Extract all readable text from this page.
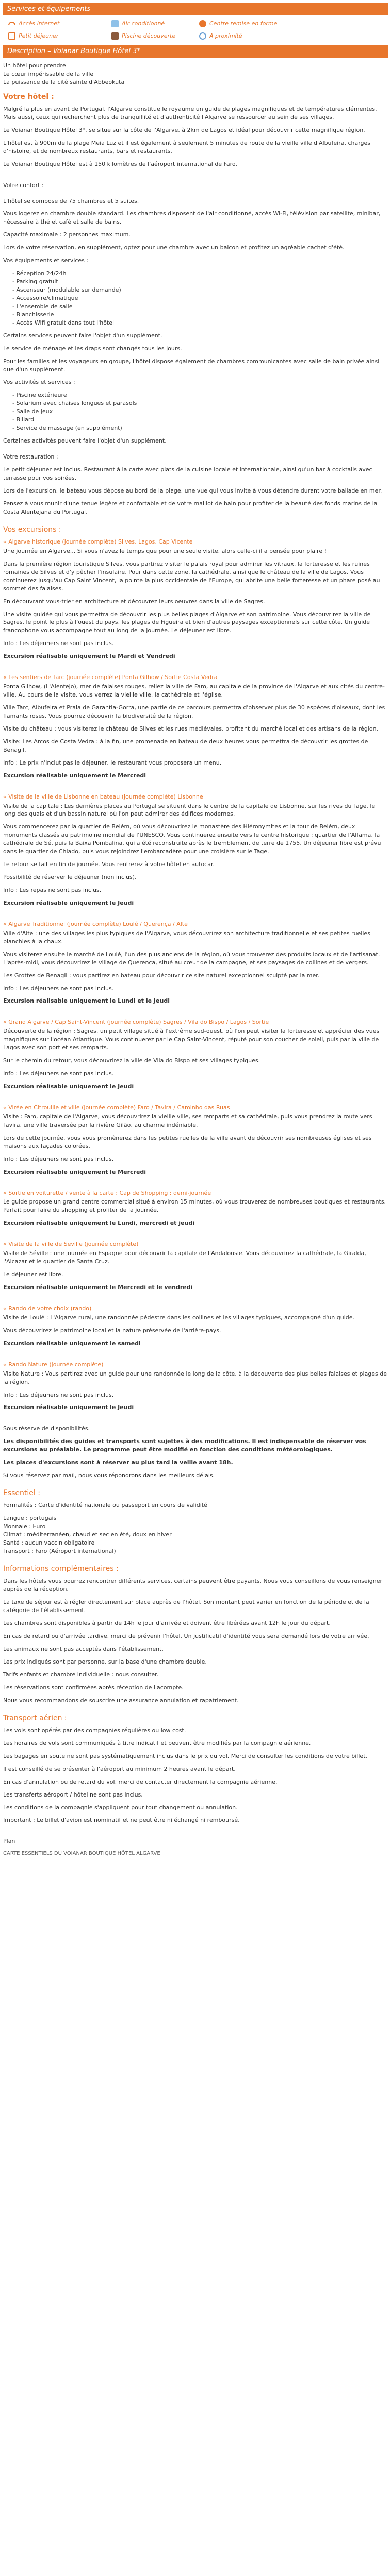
Services et équipements
Accès internet	Air conditionné	Centre remise en forme
Petit déjeuner	Piscine découverte	A proximité
Description – Voianar Boutique Hôtel 3*

Un hôtel pour prendre
Le cœur impérissable de la ville
La puissance de la cité sainte d'Abbeokuta

Votre hôtel :

Malgré la plus en avant de Portugal, l'Algarve constitue le royaume un guide de plages magnifiques et de températures clémentes. Mais aussi, ceux qui recherchent plus de tranquillité et d'authenticité l'Algarve se ressourcer au sein de ses villages.

Le Voianar Boutique Hôtel 3*, se situe sur la côte de l'Algarve, à 2km de Lagos et idéal pour découvrir cette magnifique région.

L'hôtel est à 900m de la plage Meia Luz et il est également à seulement 5 minutes de route de la vieille ville d'Albufeira, charges d'histoire, et de nombreux restaurants, bars et restaurants.

Le Voianar Boutique Hôtel est à 150 kilomètres de l'aéroport international de Faro.

Votre confort :

L'hôtel se compose de 75 chambres et 5 suites.

Vous logerez en chambre double standard. Les chambres disposent de l'air conditionné, accès Wi-Fi, télévision par satellite, minibar, nécessaire à thé et café et salle de bains.

Capacité maximale : 2 personnes maximum.

Lors de votre réservation, en supplément, optez pour une chambre avec un balcon et profitez un agréable cachet d'été.

Vos équipements et services :

- Réception 24/24h
- Parking gratuit
- Ascenseur (modulable sur demande)
- Accessoire/climatique
- L'ensemble de salle
- Blanchisserie
- Accès Wifi gratuit dans tout l'hôtel

Certains services peuvent faire l'objet d'un supplément.

Le service de ménage et les draps sont changés tous les jours.

Pour les familles et les voyageurs en groupe, l'hôtel dispose également de chambres communicantes avec salle de bain privée ainsi que d'un supplément.

Vos activités et services :

- Piscine extérieure
- Solarium avec chaises longues et parasols
- Salle de jeux
- Billard
- Service de massage (en supplément)

Certaines activités peuvent faire l'objet d'un supplément.

Votre restauration :

Le petit déjeuner est inclus. Restaurant à la carte avec plats de la cuisine locale et internationale, ainsi qu'un bar à cocktails avec terrasse pour vos soirées.

Lors de l'excursion, le bateau vous dépose au bord de la plage, une vue qui vous invite à vous détendre durant votre ballade en mer.

Pensez à vous munir d'une tenue légère et confortable et de votre maillot de bain pour profiter de la beauté des fonds marins de la Costa Alentejana du Portugal.

Vos excursions :
« Algarve historique (journée complète) Silves, Lagos, Cap Vicente

Une journée en Algarve... Si vous n'avez le temps que pour une seule visite, alors celle-ci il a pensée pour plaire !

Dans la première région touristique Silves, vous partirez visiter le palais royal pour admirer les vitraux, la forteresse et les ruines romaines de Silves et d'y pêcher l'insulaire. Pour dans cette zone, la cathédrale, ainsi que le château de la ville de Lagos. Vous continuerez jusqu'au Cap Saint Vincent, la pointe la plus occidentale de l'Europe, qui abrite une belle forteresse et un phare posé au sommet des falaises.

En découvrant vous-trier en architecture et découvrez leurs oeuvres dans la ville de Sagres.

Une visite guidée qui vous permettra de découvrir les plus belles plages d'Algarve et son patrimoine. Vous découvrirez la ville de Sagres, le point le plus à l'ouest du pays, les plages de Figueira et bien d'autres paysages exceptionnels sur cette côte. Un guide francophone vous accompagne tout au long de la journée. Le déjeuner est libre.

Info : Les déjeuners ne sont pas inclus.

Excursion réalisable uniquement le Mardi et Vendredi

« Les sentiers de Tarc (journée complète) Ponta Gilhow / Sortie Costa Vedra

Ponta Gilhow, (L'Alentejo), mer de falaises rouges, reliez la ville de Faro, au capitale de la province de l'Algarve et aux cités du centre-ville. Au cours de la visite, vous verrez la vieille ville, la cathédrale et l'église.

Ville Tarc, Albufeira et Praia de Garantia-Gorra, une partie de ce parcours permettra d'observer plus de 30 espèces d'oiseaux, dont les flamants roses. Vous pourrez découvrir la biodiversité de la région.

Visite du château : vous visiterez le château de Silves et les rues médiévales, profitant du marché local et des artisans de la région.

Visite: Les Arcos de Costa Vedra : à la fin, une promenade en bateau de deux heures vous permettra de découvrir les grottes de Benagil.

Info : Le prix n'inclut pas le déjeuner, le restaurant vous proposera un menu.

Excursion réalisable uniquement le Mercredi

« Visite de la ville de Lisbonne en bateau (journée complète) Lisbonne

Visite de la capitale : Les dernières places au Portugal se situent dans le centre de la capitale de Lisbonne, sur les rives du Tage, le long des quais et d'un bassin naturel où l'on peut admirer des édifices modernes.

Vous commencerez par la quartier de Belém, où vous découvrirez le monastère des Hiéronymites et la tour de Belém, deux monuments classés au patrimoine mondial de l'UNESCO. Vous continuerez ensuite vers le centre historique : quartier de l'Alfama, la cathédrale de Sé, puis la Baixa Pombalina, qui a été reconstruite après le tremblement de terre de 1755. Un déjeuner libre est prévu dans le quartier de Chiado, puis vous rejoindrez l'embarcadère pour une croisière sur le Tage.

Le retour se fait en fin de journée. Vous rentrerez à votre hôtel en autocar.

Possibilité de réserver le déjeuner (non inclus).

Info : Les repas ne sont pas inclus.

Excursion réalisable uniquement le Jeudi

« Algarve Traditionnel (journée complète) Loulé / Querença / Alte

Ville d'Alte : une des villages les plus typiques de l'Algarve, vous découvrirez son architecture traditionnelle et ses petites ruelles blanchies à la chaux.

Vous visiterez ensuite le marché de Loulé, l'un des plus anciens de la région, où vous trouverez des produits locaux et de l'artisanat. L'après-midi, vous découvrirez le village de Querença, situé au cœur de la campagne, et ses paysages de collines et de vergers.

Les Grottes de Benagil : vous partirez en bateau pour découvrir ce site naturel exceptionnel sculpté par la mer.

Info : Les déjeuners ne sont pas inclus.

Excursion réalisable uniquement le Lundi et le Jeudi

« Grand Algarve / Cap Saint-Vincent (journée complète) Sagres / Vila do Bispo / Lagos / Sortie

Découverte de la région : Sagres, un petit village situé à l'extrême sud-ouest, où l'on peut visiter la forteresse et apprécier des vues magnifiques sur l'océan Atlantique. Vous continuerez par le Cap Saint-Vincent, réputé pour son coucher de soleil, puis par la ville de Lagos avec son port et ses remparts.

Sur le chemin du retour, vous découvrirez la ville de Vila do Bispo et ses villages typiques.

Info : Les déjeuners ne sont pas inclus.

Excursion réalisable uniquement le Jeudi

« Virée en Citrouille et ville (journée complète) Faro / Tavira / Caminho das Ruas

Visite : Faro, capitale de l'Algarve, vous découvrirez la vieille ville, ses remparts et sa cathédrale, puis vous prendrez la route vers Tavira, une ville traversée par la rivière Gilão, au charme indéniable.

Lors de cette journée, vous vous promènerez dans les petites ruelles de la ville avant de découvrir ses nombreuses églises et ses maisons aux façades colorées.

Info : Les déjeuners ne sont pas inclus.

Excursion réalisable uniquement le Mercredi

« Sortie en voiturette / vente à la carte : Cap de Shopping : demi-journée

Le guide propose un grand centre commercial situé à environ 15 minutes, où vous trouverez de nombreuses boutiques et restaurants. Parfait pour faire du shopping et profiter de la journée.

Excursion réalisable uniquement le Lundi, mercredi et jeudi

« Visite de la ville de Seville (journée complète)

Visite de Séville : une journée en Espagne pour découvrir la capitale de l'Andalousie. Vous découvrirez la cathédrale, la Giralda, l'Alcazar et le quartier de Santa Cruz.

Le déjeuner est libre.

Excursion réalisable uniquement le Mercredi et le vendredi

« Rando de votre choix (rando)

Visite de Loulé : L'Algarve rural, une randonnée pédestre dans les collines et les villages typiques, accompagné d'un guide.

Vous découvrirez le patrimoine local et la nature préservée de l'arrière-pays.

Excursion réalisable uniquement le samedi

« Rando Nature (journée complète)

Visite Nature : Vous partirez avec un guide pour une randonnée le long de la côte, à la découverte des plus belles falaises et plages de la région.

Info : Les déjeuners ne sont pas inclus.

Excursion réalisable uniquement le Jeudi

Sous réserve de disponibilités.

Les disponibilités des guides et transports sont sujettes à des modifications. Il est indispensable de réserver vos excursions au préalable. Le programme peut être modifié en fonction des conditions météorologiques.

Les places d'excursions sont à réserver au plus tard la veille avant 18h.

Si vous réservez par mail, nous vous répondrons dans les meilleurs délais.

Essentiel :

Formalités : Carte d'identité nationale ou passeport en cours de validité

Langue : portugais
Monnaie : Euro
Climat : méditerranéen, chaud et sec en été, doux en hiver
Santé : aucun vaccin obligatoire
Transport : Faro (Aéroport international)

Informations complémentaires :

Dans les hôtels vous pourrez rencontrer différents services, certains peuvent être payants. Nous vous conseillons de vous renseigner auprès de la réception.

La taxe de séjour est à régler directement sur place auprès de l'hôtel. Son montant peut varier en fonction de la période et de la catégorie de l'établissement.

Les chambres sont disponibles à partir de 14h le jour d'arrivée et doivent être libérées avant 12h le jour du départ.

En cas de retard ou d'arrivée tardive, merci de prévenir l'hôtel. Un justificatif d'identité vous sera demandé lors de votre arrivée.

Les animaux ne sont pas acceptés dans l'établissement.

Les prix indiqués sont par personne, sur la base d'une chambre double.

Tarifs enfants et chambre individuelle : nous consulter.

Les réservations sont confirmées après réception de l'acompte.

Nous vous recommandons de souscrire une assurance annulation et rapatriement.

Transport aérien :

Les vols sont opérés par des compagnies régulières ou low cost.

Les horaires de vols sont communiqués à titre indicatif et peuvent être modifiés par la compagnie aérienne.

Les bagages en soute ne sont pas systématiquement inclus dans le prix du vol. Merci de consulter les conditions de votre billet.

Il est conseillé de se présenter à l'aéroport au minimum 2 heures avant le départ.

En cas d'annulation ou de retard du vol, merci de contacter directement la compagnie aérienne.

Les transferts aéroport / hôtel ne sont pas inclus.

Les conditions de la compagnie s'appliquent pour tout changement ou annulation.

Important : Le billet d'avion est nominatif et ne peut être ni échangé ni remboursé.

Plan

CARTE ESSENTIELS DU VOIANAR BOUTIQUE HÔTEL ALGARVE
